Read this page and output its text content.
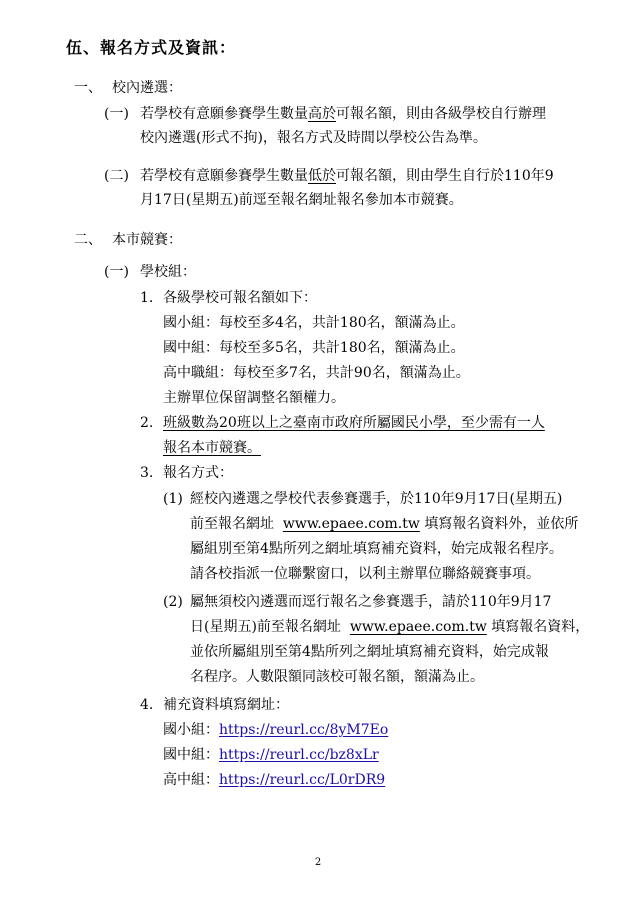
伍、報名方式及資訊：
一、 校內遴選：
(一) 若學校有意願參賽學生數量高於可報名額，則由各級學校自行辦理
校內遴選(形式不拘)，報名方式及時間以學校公告為準。
(二) 若學校有意願參賽學生數量低於可報名額，則由學生自行於110年9
月17日(星期五)前逕至報名網址報名參加本市競賽。
二、 本市競賽：
(一) 學校組：
1. 各級學校可報名額如下：
國小組：每校至多4名，共計180名，額滿為止。
國中組：每校至多5名，共計180名，額滿為止。
高中職組：每校至多7名，共計90名，額滿為止。
主辦單位保留調整名額權力。
2. 班級數為20班以上之臺南市政府所屬國民小學，至少需有一人
報名本市競賽。
3. 報名方式：
(1) 經校內遴選之學校代表參賽選手，於110年9月17日(星期五)
前至報名網址 www.epaee.com.tw 填寫報名資料外，並依所
屬組別至第4點所列之網址填寫補充資料，始完成報名程序。
請各校指派一位聯繫窗口，以利主辦單位聯絡競賽事項。
(2) 屬無須校內遴選而逕行報名之參賽選手，請於110年9月17
日(星期五)前至報名網址 www.epaee.com.tw 填寫報名資料，
並依所屬組別至第4點所列之網址填寫補充資料，始完成報
名程序。人數限額同該校可報名額，額滿為止。
4. 補充資料填寫網址：
國小組：https://reurl.cc/8yM7Eo
國中組：https://reurl.cc/bz8xLr
高中組：https://reurl.cc/L0rDR9
2
